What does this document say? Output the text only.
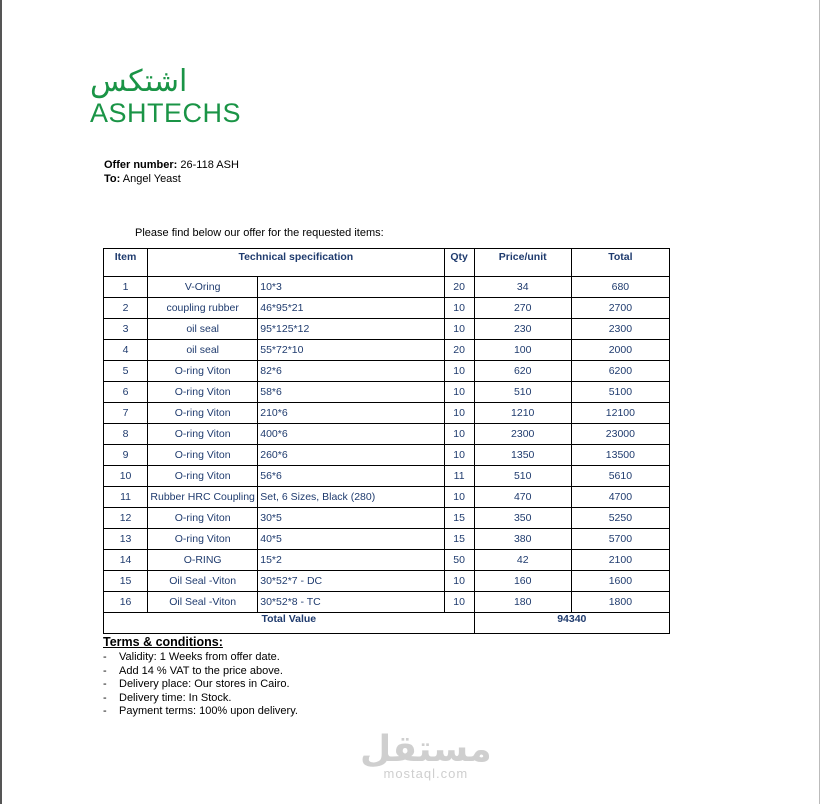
اشتكس
ASHTECHS
Offer number: 26-118 ASH
To: Angel Yeast
Please find below our offer for the requested items:
Item	Technical specification		Qty	Price/unit	Total
1	V-Oring	10*3	20	34	680
2	coupling rubber	46*95*21	10	270	2700
3	oil seal	95*125*12	10	230	2300
4	oil seal	55*72*10	20	100	2000
5	O-ring Viton	82*6	10	620	6200
6	O-ring Viton	58*6	10	510	5100
7	O-ring Viton	210*6	10	1210	12100
8	O-ring Viton	400*6	10	2300	23000
9	O-ring Viton	260*6	10	1350	13500
10	O-ring Viton	56*6	11	510	5610
11	Rubber HRC Coupling	Set, 6 Sizes, Black (280)	10	470	4700
12	O-ring Viton	30*5	15	350	5250
13	O-ring Viton	40*5	15	380	5700
14	O-RING	15*2	50	42	2100
15	Oil Seal -Viton	30*52*7 - DC	10	160	1600
16	Oil Seal -Viton	30*52*8 - TC	10	180	1800
Total Value				94340	
Terms & conditions:
-	Validity: 1 Weeks from offer date.
-	Add 14 % VAT to the price above.
-	Delivery place: Our stores in Cairo.
-	Delivery time: In Stock.
-	Payment terms: 100% upon delivery.
مستقل
mostaql.com
